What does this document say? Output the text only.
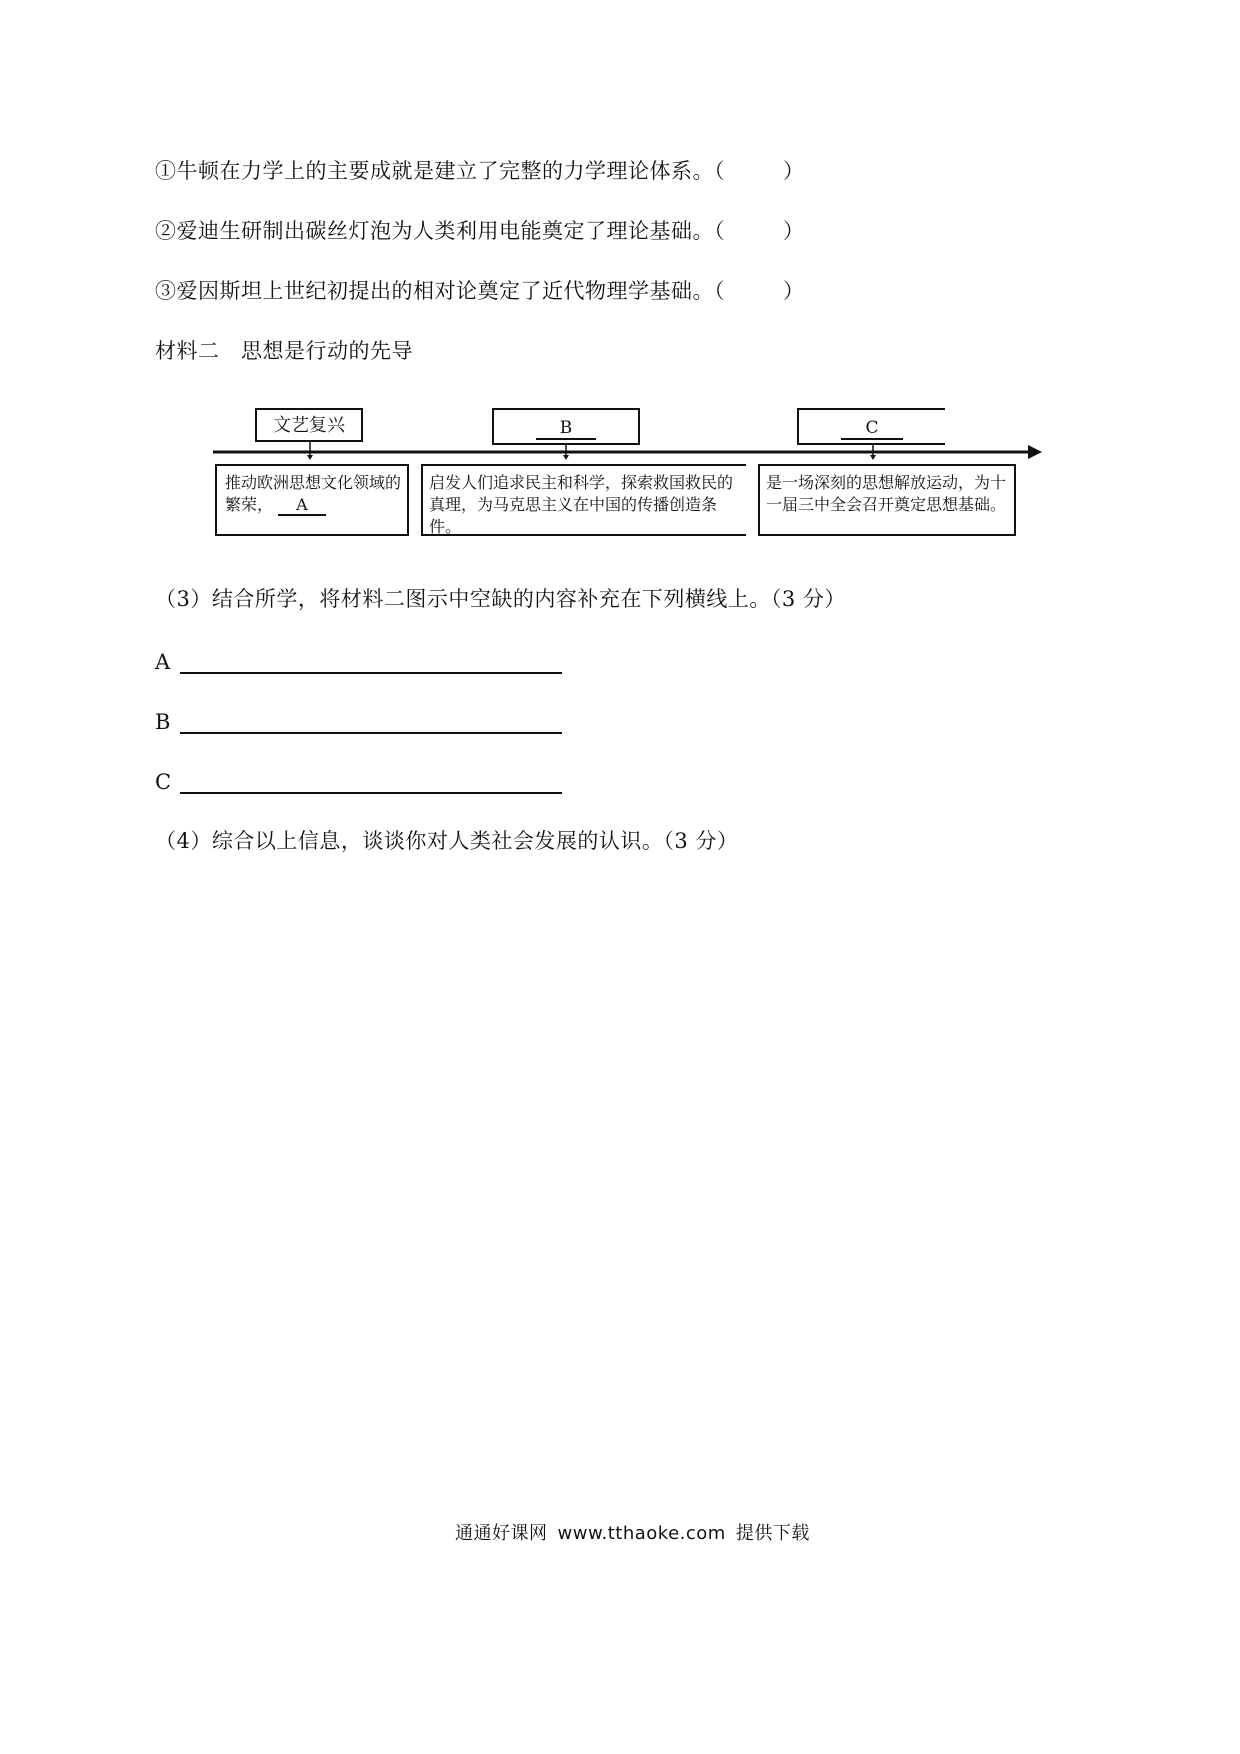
①牛顿在力学上的主要成就是建立了完整的力学理论体系。（	）
②爱迪生研制出碳丝灯泡为人类利用电能奠定了理论基础。（	）
③爱因斯坦上世纪初提出的相对论奠定了近代物理学基础。（	）
材料二　思想是行动的先导
文艺复兴	B	C
推动欧洲思想文化领域的繁荣， A
启发人们追求民主和科学，探索救国救民的真理，为马克思主义在中国的传播创造条件。
是一场深刻的思想解放运动，为十一届三中全会召开奠定思想基础。
（3）结合所学，将材料二图示中空缺的内容补充在下列横线上。（3 分）
A
B
C
（4）综合以上信息，谈谈你对人类社会发展的认识。（3 分）
通通好课网 www.tthaoke.com 提供下载
